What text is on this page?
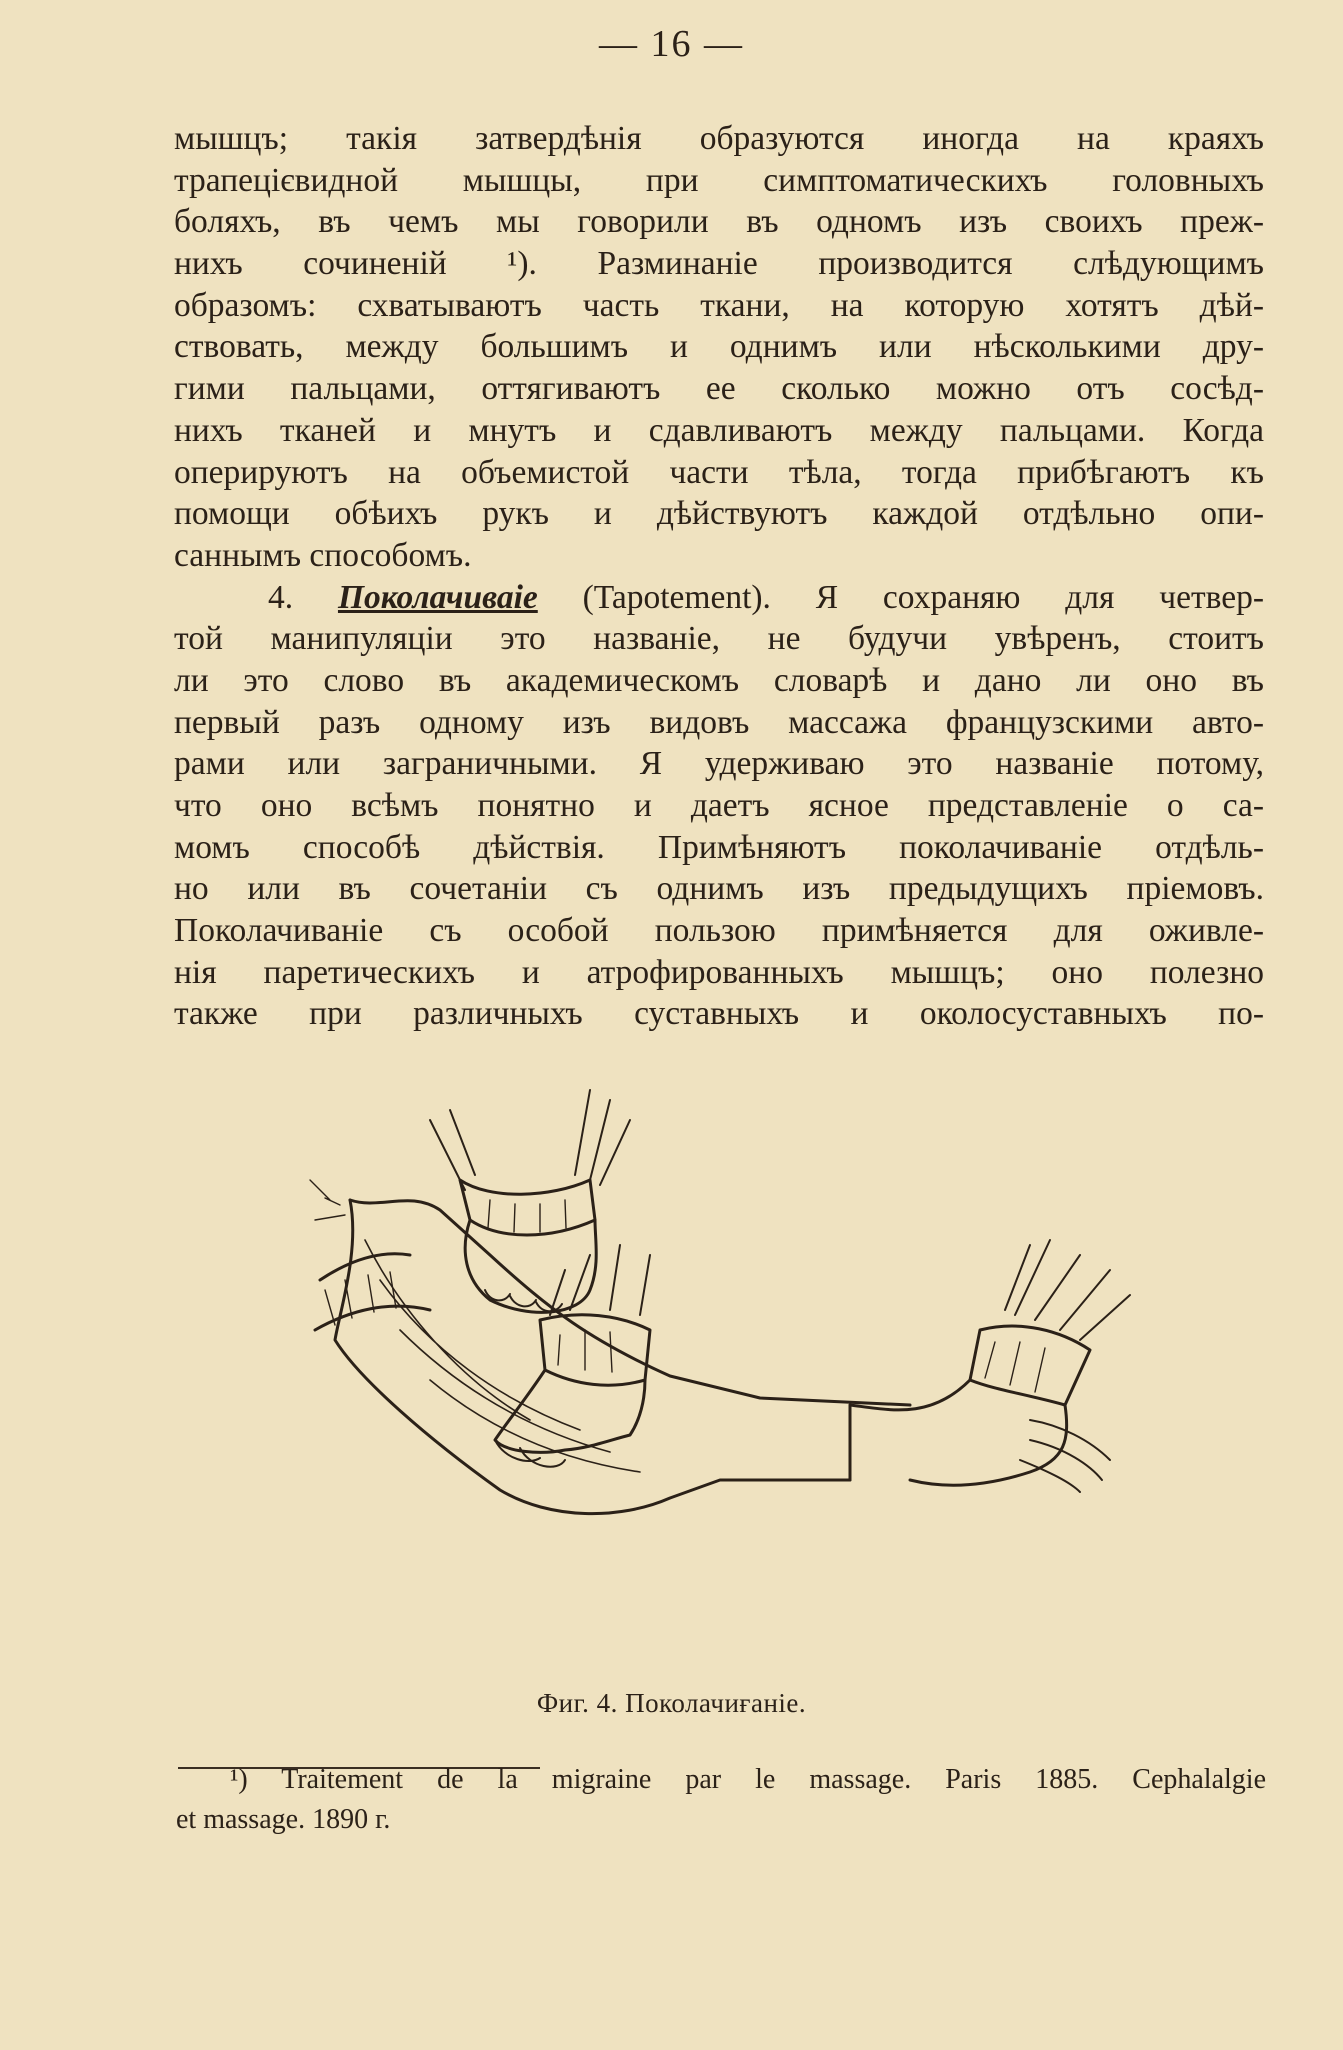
— 16 —
мышцъ; такія затвердѣнія образуются иногда на краяхъ
трапецієвидной мышцы, при симптоматическихъ головныхъ
боляхъ, въ чемъ мы говорили въ одномъ изъ своихъ преж-
нихъ сочиненій ¹). Разминаніе производится слѣдующимъ
образомъ: схватываютъ часть ткани, на которую хотятъ дѣй-
ствовать, между большимъ и однимъ или нѣсколькими дру-
гими пальцами, оттягиваютъ ее сколько можно отъ сосѣд-
нихъ тканей и мнутъ и сдавливаютъ между пальцами. Когда
оперируютъ на объемистой части тѣла, тогда прибѣгаютъ къ
помощи обѣихъ рукъ и дѣйствуютъ каждой отдѣльно опи-
саннымъ способомъ.
4. Поколачиваіе (Tapotement). Я сохраняю для четвер-
той манипуляціи это названіе, не будучи увѣренъ, стоитъ
ли это слово въ академическомъ словарѣ и дано ли оно въ
первый разъ одному изъ видовъ массажа французскими авто-
рами или заграничными. Я удерживаю это названіе потому,
что оно всѣмъ понятно и даетъ ясное представленіе о са-
момъ способѣ дѣйствія. Примѣняютъ поколачиваніе отдѣль-
но или въ сочетаніи съ однимъ изъ предыдущихъ пріемовъ.
Поколачиваніе съ особой пользою примѣняется для оживле-
нія паретическихъ и атрофированныхъ мышцъ; оно полезно
также при различныхъ суставныхъ и околосуставныхъ по-
Фиг. 4. Поколачиғаніе.
¹) Traitement de la migraine par le massage. Paris 1885. Cephalalgie
et massage. 1890 г.
